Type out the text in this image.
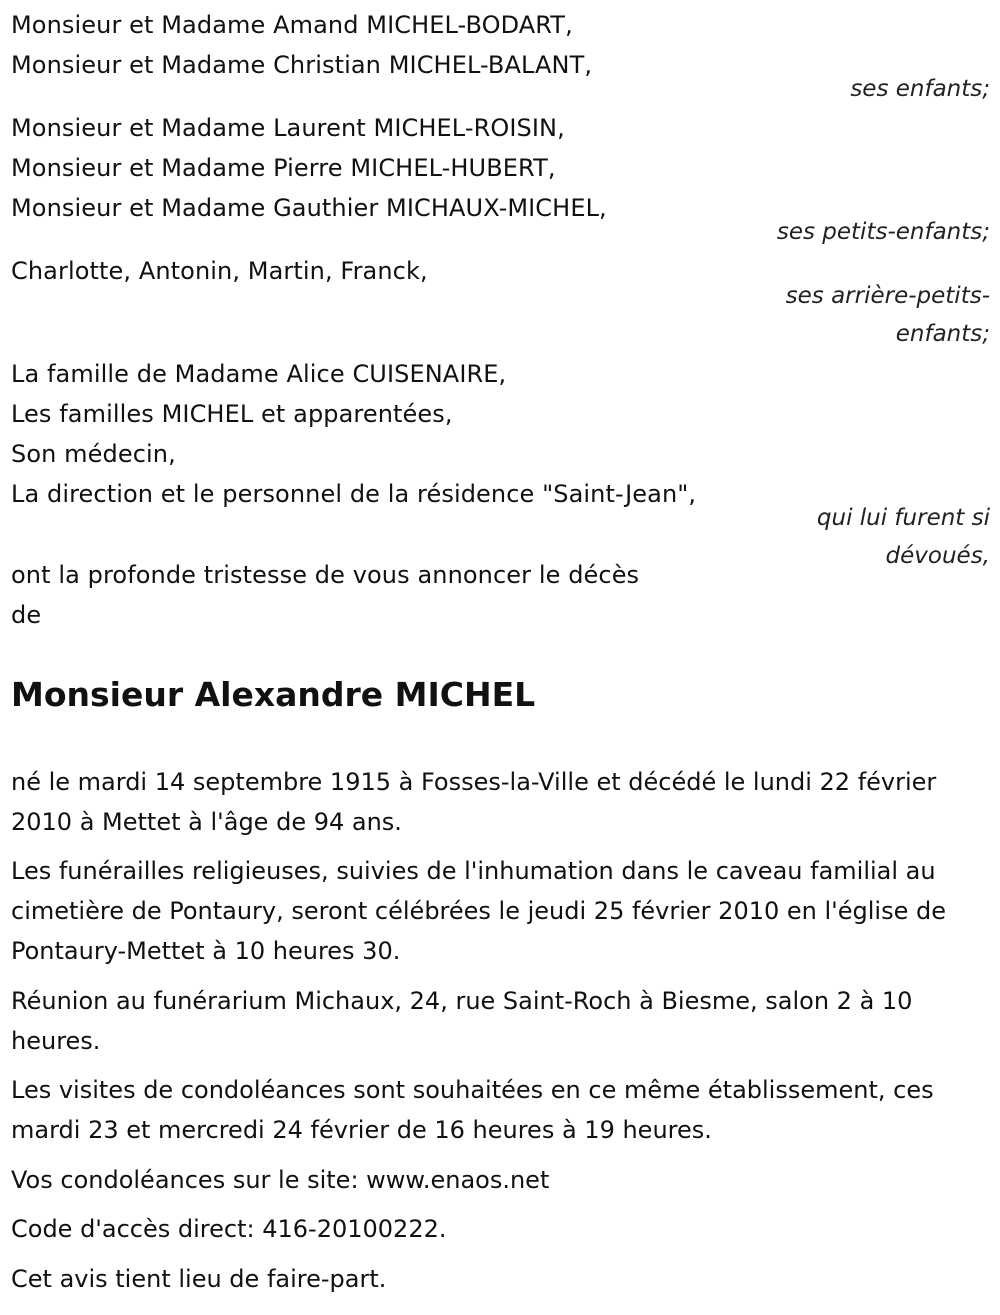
Monsieur et Madame Amand MICHEL-BODART,
Monsieur et Madame Christian MICHEL-BALANT,
ses enfants;
Monsieur et Madame Laurent MICHEL-ROISIN,
Monsieur et Madame Pierre MICHEL-HUBERT,
Monsieur et Madame Gauthier MICHAUX-MICHEL,
ses petits-enfants;
Charlotte, Antonin, Martin, Franck,
ses arrière-petits-
enfants;
La famille de Madame Alice CUISENAIRE,
Les familles MICHEL et apparentées,
Son médecin,
La direction et le personnel de la résidence "Saint-Jean",
qui lui furent si
dévoués,
ont la profonde tristesse de vous annoncer le décès
de
Monsieur Alexandre MICHEL
né le mardi 14 septembre 1915 à Fosses-la-Ville et décédé le lundi 22 février 2010 à Mettet à l'âge de 94 ans.
Les funérailles religieuses, suivies de l'inhumation dans le caveau familial au cimetière de Pontaury, seront célébrées le jeudi 25 février 2010 en l'église de Pontaury-Mettet à 10 heures 30.
Réunion au funérarium Michaux, 24, rue Saint-Roch à Biesme, salon 2 à 10 heures.
Les visites de condoléances sont souhaitées en ce même établissement, ces mardi 23 et mercredi 24 février de 16 heures à 19 heures.
Vos condoléances sur le site: www.enaos.net
Code d'accès direct: 416-20100222.
Cet avis tient lieu de faire-part.
